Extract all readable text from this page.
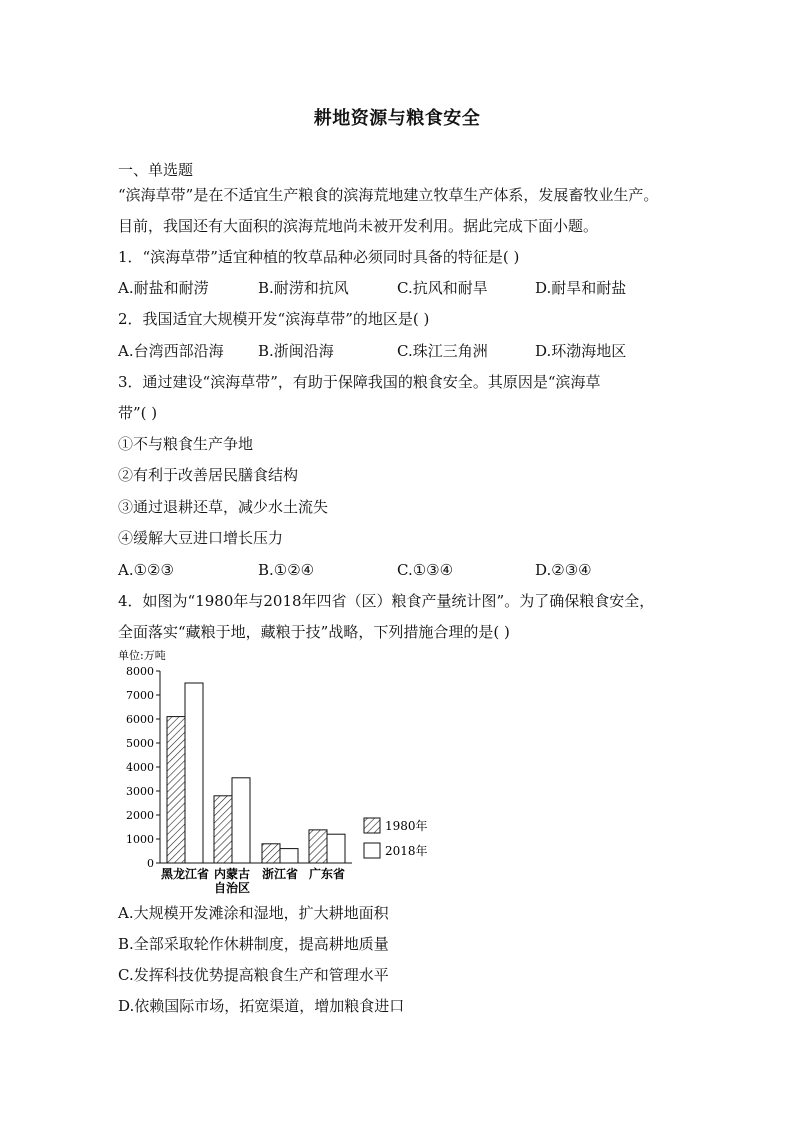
耕地资源与粮食安全
一、单选题
“滨海草带”是在不适宜生产粮食的滨海荒地建立牧草生产体系，发展畜牧业生产。
目前，我国还有大面积的滨海荒地尚未被开发利用。据此完成下面小题。
1．“滨海草带”适宜种植的牧草品种必须同时具备的特征是( )
A.耐盐和耐涝	B.耐涝和抗风	C.抗风和耐旱	D.耐旱和耐盐
2．我国适宜大规模开发“滨海草带”的地区是( )
A.台湾西部沿海 B.浙闽沿海	C.珠江三角洲	D.环渤海地区
3．通过建设“滨海草带”，有助于保障我国的粮食安全。其原因是“滨海草
带”( )
①不与粮食生产争地
②有利于改善居民膳食结构
③通过退耕还草，减少水土流失
④缓解大豆进口增长压力
A.①②③	B.①②④	C.①③④	D.②③④
4．如图为“1980年与2018年四省（区）粮食产量统计图”。为了确保粮食安全，
全面落实“藏粮于地，藏粮于技”战略，下列措施合理的是( )
单位:万吨
0
1000
2000
3000
4000
5000
6000
7000
8000
黑龙江省 内蒙古
自治区
浙江省 广东省
1980年
2018年
A.大规模开发滩涂和湿地，扩大耕地面积
B.全部采取轮作休耕制度，提高耕地质量
C.发挥科技优势提高粮食生产和管理水平
D.依赖国际市场，拓宽渠道，增加粮食进口
